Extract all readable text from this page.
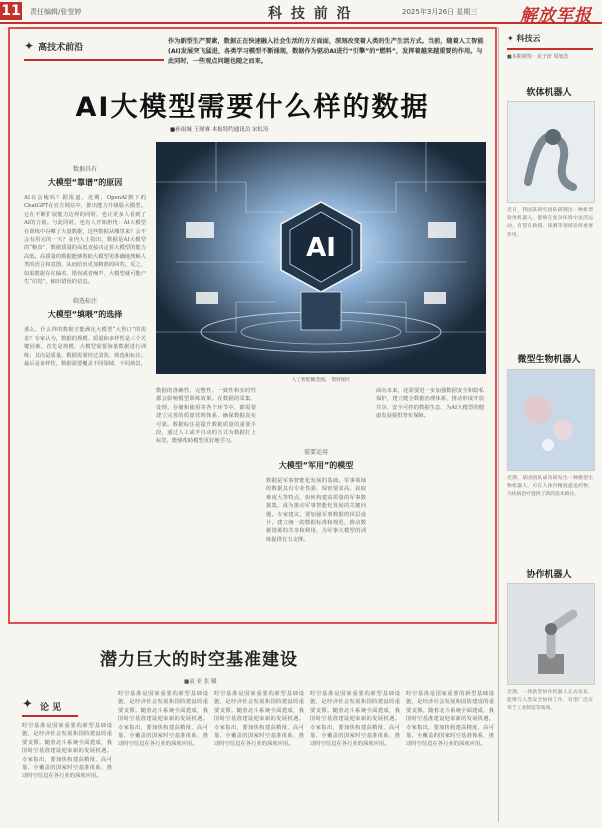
11 责任编辑/张莹婷	科 技 前 沿	2025年3月26日 星期三	解放军报
✦ 高技术前沿
作为新型生产要素，数据正在快速融入社会生活的方方面面，深刻改变着人类的生产生活方式。当前，随着人工智能(AI)发展突飞猛进，各类学习模型不断涌现，数据作为驱动AI进行“引擎”的“燃料”，发挥着越来越重要的作用。与此同时，一些观点问题也随之而来。
AI大模型需要什么样的数据
■孙雨城 王琛睿 本报特约通讯员 宋虹涛
数据具有
大模型“靠谱”的原因
AI在会瘦吗？据报道，近期，OpenAI旗下的ChatGPT在官方网站中，推出能力升级版大模型。它在不断扩展能力边界的同时，也让更多人看到了AI的力量。与此同时，也有人开始担忧：AI大模型在训练中吞噬了大量数据，这些数据从哪里来？会不会有用完的一天？业内人士指出，数据是AI大模型的“粮食”，数据质量的高低直接决定着大模型的能力高低。高质量的数据能够帮助大模型更准确地理解人类的语言和意图，从而给出更加精准的回答。反之，如果数据存在偏差、错误或者噪声，大模型就可能产生“幻觉”，输出错误的信息。
筛选标注
大模型“填喂”的选择
那么，什么样的数据才能满足大模型“大胃口”的需求？专家认为，数据的规模、质量和多样性是三个关键因素。首先是规模，大模型需要海量数据进行训练；其次是质量，数据需要经过清洗、筛选和标注；最后是多样性，数据需要覆盖不同领域、不同场景。
AI
人工智能概念图。 资料图片
数据的准确性、完整性、一致性和实时性都会影响模型训练效果。在数据的采集、处理、存储和使用等各个环节中，都需要建立完善的质量管理体系，确保数据真实可靠。数据标注是提升数据质量的重要手段，通过人工或半自动的方式为数据打上标签，能够帮助模型更好地学习。
需要运用
大模型“军用”的模型
数据是军事智能化发展的基础。军事领域的数据具有专业性强、保密要求高、获取难度大等特点，如何构建高质量的军事数据集，成为推动军事智能化发展的关键问题。专家建议，要加强军事数据的顶层设计，建立统一的数据标准和规范，推动数据资源的共享和利用，为军事大模型的训练提供有力支撑。
面向未来，还需要进一步加强数据安全和隐私保护，建立健全数据治理体系，推动形成开放共享、安全可控的数据生态，为AI大模型的健康发展提供坚实保障。
✦ 科技云
■本期观察：龙子泽 周旭浩
软体机器人
近日，我国某研究团队研制出一种新型软体机器人，能够在复杂环境中灵活运动，有望在救援、探测等领域发挥重要作用。
微型生物机器人
近期，某国团队成功研发出一种微型生物机器人，可在人体内精准递送药物，为疾病治疗提供了新的技术路径。
协作机器人
近期，一款新型协作机器人正式发布，能够与人类安全协同工作，有望广泛应用于工业制造等领域。
潜力巨大的时空基准建设
■袁 亚 张 曦
✦ 论 见
时空基准是国家重要的新型基础设施，是经济社会发展和国防建设的重要支撑。随着北斗系统全面建成，我国时空基准建设迎来新的发展机遇。专家指出，要加快构建高精度、高可靠、全覆盖的国家时空基准体系，推动时空信息在各行业的深度应用。
时空基准是国家重要的新型基础设施，是经济社会发展和国防建设的重要支撑。随着北斗系统全面建成，我国时空基准建设迎来新的发展机遇。专家指出，要加快构建高精度、高可靠、全覆盖的国家时空基准体系，推动时空信息在各行业的深度应用。
时空基准是国家重要的新型基础设施，是经济社会发展和国防建设的重要支撑。随着北斗系统全面建成，我国时空基准建设迎来新的发展机遇。专家指出，要加快构建高精度、高可靠、全覆盖的国家时空基准体系，推动时空信息在各行业的深度应用。
时空基准是国家重要的新型基础设施，是经济社会发展和国防建设的重要支撑。随着北斗系统全面建成，我国时空基准建设迎来新的发展机遇。专家指出，要加快构建高精度、高可靠、全覆盖的国家时空基准体系，推动时空信息在各行业的深度应用。
时空基准是国家重要的新型基础设施，是经济社会发展和国防建设的重要支撑。随着北斗系统全面建成，我国时空基准建设迎来新的发展机遇。专家指出，要加快构建高精度、高可靠、全覆盖的国家时空基准体系，推动时空信息在各行业的深度应用。
